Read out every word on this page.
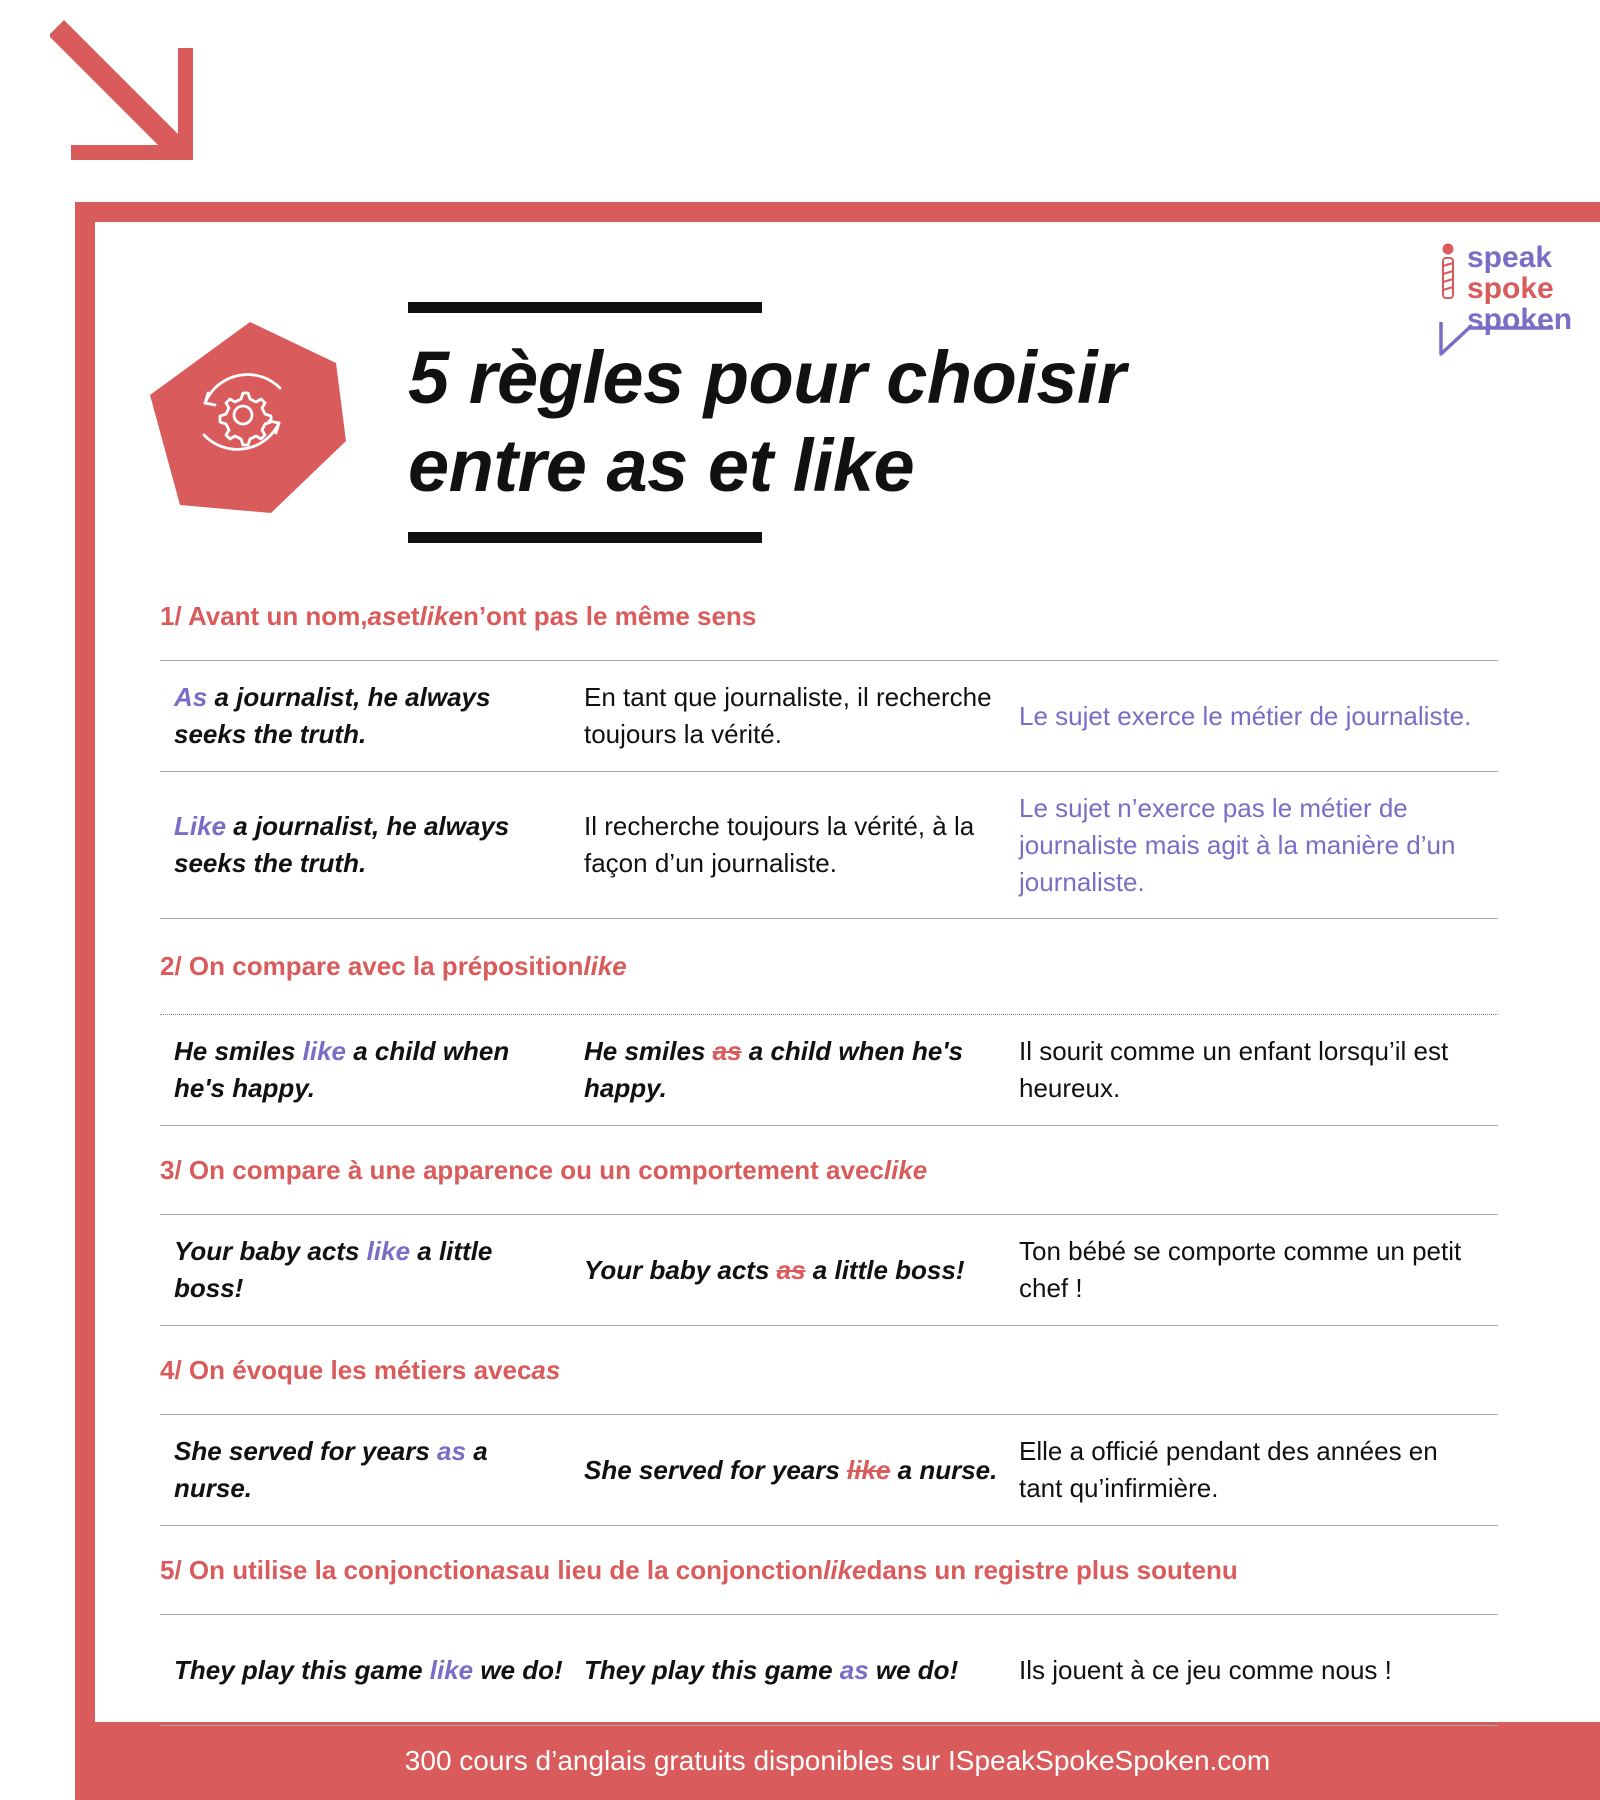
5 règles pour choisir
entre as et like
speak
spoke
spoken
1/ Avant un nom, as et like n’ont pas le même sens
As a journalist, he always seeks the truth.
En tant que journaliste, il recherche toujours la vérité.
Le sujet exerce le métier de journaliste.
Like a journalist, he always seeks the truth.
Il recherche toujours la vérité, à la façon d’un journaliste.
Le sujet n’exerce pas le métier de journaliste mais agit à la manière d’un journaliste.
2/ On compare avec la préposition like
He smiles like a child when he's happy.
He smiles as a child when he's happy.
Il sourit comme un enfant lorsqu’il est heureux.
3/ On compare à une apparence ou un comportement avec like
Your baby acts like a little boss!
Your baby acts as a little boss!
Ton bébé se comporte comme un petit chef !
4/ On évoque les métiers avec as
She served for years as a nurse.
She served for years like a nurse.
Elle a officié pendant des années en tant qu’infirmière.
5/ On utilise la conjonction as au lieu de la conjonction like dans un registre plus soutenu
They play this game like we do! They play this game as we do!	Ils jouent à ce jeu comme nous !
300 cours d’anglais gratuits disponibles sur ISpeakSpokeSpoken.com
